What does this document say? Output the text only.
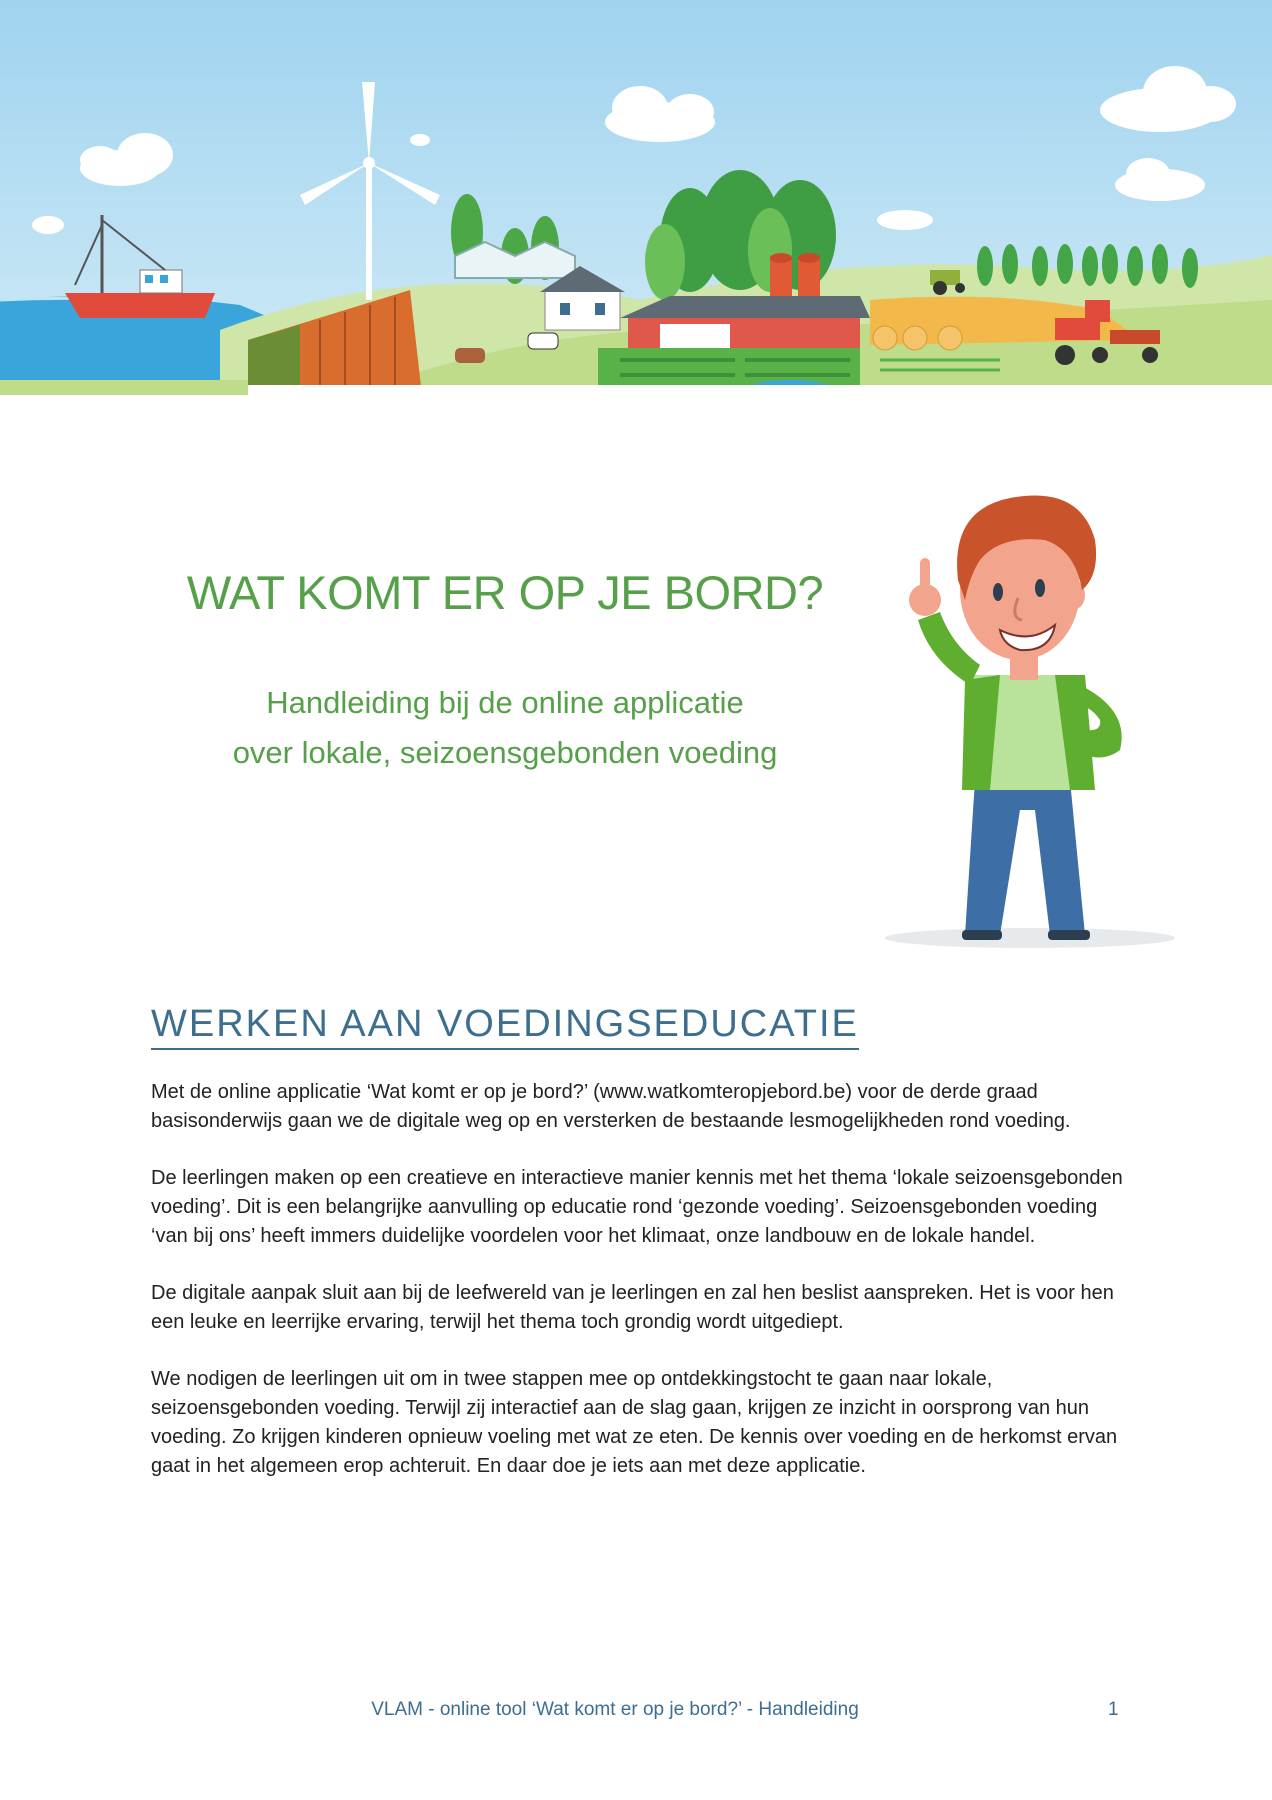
WAT KOMT ER OP JE BORD?
Handleiding bij de online applicatie
over lokale, seizoensgebonden voeding
WERKEN AAN VOEDINGSEDUCATIE

Met de online applicatie ‘Wat komt er op je bord?’ (www.watkomteropjebord.be) voor de derde graad basisonderwijs gaan we de digitale weg op en versterken de bestaande lesmogelijkheden rond voeding.

De leerlingen maken op een creatieve en interactieve manier kennis met het thema ‘lokale seizoensgebonden voeding’. Dit is een belangrijke aanvulling op educatie rond ‘gezonde voeding’. Seizoensgebonden voeding ‘van bij ons’ heeft immers duidelijke voordelen voor het klimaat, onze landbouw en de lokale handel.

De digitale aanpak sluit aan bij de leefwereld van je leerlingen en zal hen beslist aanspreken. Het is voor hen een leuke en leerrijke ervaring, terwijl het thema toch grondig wordt uitgediept.

We nodigen de leerlingen uit om in twee stappen mee op ontdekkingstocht te gaan naar lokale, seizoensgebonden voeding. Terwijl zij interactief aan de slag gaan, krijgen ze inzicht in oorsprong van hun voeding. Zo krijgen kinderen opnieuw voeling met wat ze eten. De kennis over voeding en de herkomst ervan gaat in het algemeen erop achteruit. En daar doe je iets aan met deze applicatie.

VLAM - online tool ‘Wat komt er op je bord?’ - Handleiding	1
